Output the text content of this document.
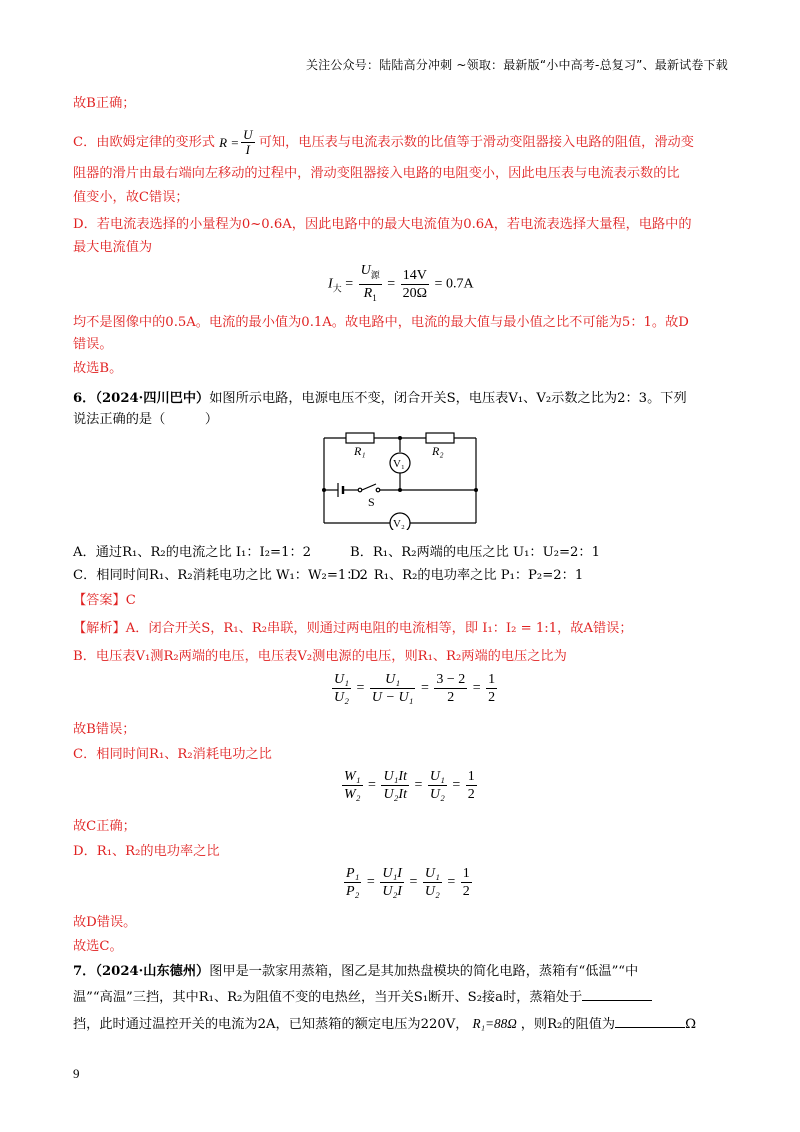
关注公众号：陆陆高分冲刺 ~领取：最新版“小中高考-总复习”、最新试卷下载
故B正确；
C．由欧姆定律的变形式 $R = \frac{U}{I}$ 可知，电压表与电流表示数的比值等于滑动变阻器接入电路的阻值，滑动变
阻器的滑片由最右端向左移动的过程中，滑动变阻器接入电路的电阻变小，因此电压表与电流表示数的比
值变小，故C错误；
D．若电流表选择的小量程为0~0.6A，因此电路中的最大电流值为0.6A，若电流表选择大量程，电路中的
最大电流值为
$I_大 = \frac{U_源}{R_1} = \frac{14V}{20\Omega} = 0.7A$
均不是图像中的0.5A。电流的最小值为0.1A。故电路中，电流的最大值与最小值之比不可能为5：1。故D
错误。
故选B。
6．（2024·四川巴中）如图所示电路，电源电压不变，闭合开关S，电压表V₁、V₂示数之比为2：3。下列
说法正确的是（　　　）
R₁	R₂
V₁
V₂
S
A．通过R₁、R₂的电流之比 I₁：I₂=1：2	B．R₁、R₂两端的电压之比 U₁：U₂=2：1
C．相同时间R₁、R₂消耗电功之比 W₁：W₂=1：2
D．R₁、R₂的电功率之比 P₁：P₂=2：1
【答案】C
【解析】A．闭合开关S，R₁、R₂串联，则通过两电阻的电流相等，即 I₁：I₂ = 1:1，故A错误；
B．电压表V₁测R₂两端的电压，电压表V₂测电源的电压，则R₁、R₂两端的电压之比为
$\frac{\text{U₁}}{\text{U₂}} = \frac{\text{U₁}}{\text{U − U₁}} = \frac{3 - 2}{2} = \frac{1}{2}$
故B错误；
C．相同时间R₁、R₂消耗电功之比
$\frac{\text{W₁}}{\text{W₂}} = \frac{\text{U₁It}}{\text{U₂It}} = \frac{\text{U₁}}{\text{U₂}} = \frac{1}{2}$
故C正确；
D．R₁、R₂的电功率之比
$\frac{\text{P₁}}{\text{P₂}} = \frac{\text{U₁I}}{\text{U₂I}} = \frac{\text{U₁}}{\text{U₂}} = \frac{1}{2}$
故D错误。
故选C。
7．（2024·山东德州）图甲是一款家用蒸箱，图乙是其加热盘模块的简化电路，蒸箱有“低温”“中
温”“高温”三挡，其中R₁、R₂为阻值不变的电热丝，当开关S₁断开、S₂接a时，蒸箱处于
挡，此时通过温控开关的电流为2A，已知蒸箱的额定电压为220V， R₁=88Ω ，则R₂的阻值为	Ω
9
